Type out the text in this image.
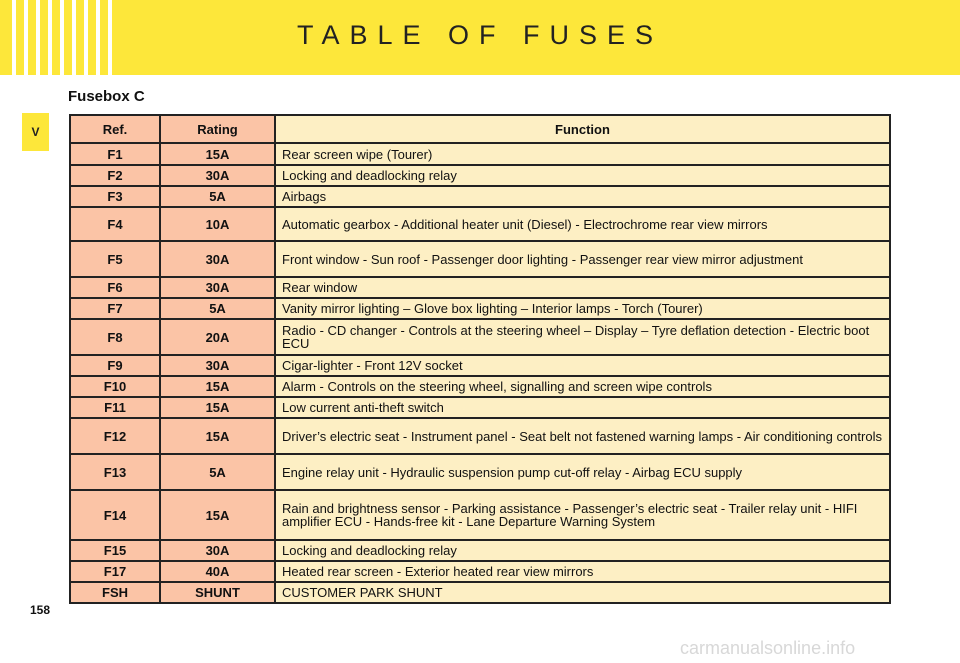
TABLE OF FUSES
V
Fusebox C
Ref.	Rating	Function
F1	15A	Rear screen wipe (Tourer)
F2	30A	Locking and deadlocking relay
F3	5A	Airbags
F4	10A	Automatic gearbox - Additional heater unit (Diesel) - Electrochrome rear view mirrors
F5	30A	Front window - Sun roof - Passenger door lighting - Passenger rear view mirror adjustment
F6	30A	Rear window
F7	5A	Vanity mirror lighting – Glove box lighting – Interior lamps - Torch (Tourer)
F8	20A	Radio - CD changer - Controls at the steering wheel – Display – Tyre deflation detection - Electric boot ECU
F9	30A	Cigar-lighter - Front 12V socket
F10	15A	Alarm - Controls on the steering wheel, signalling and screen wipe controls
F11	15A	Low current anti-theft switch
F12	15A	Driver’s electric seat - Instrument panel - Seat belt not fastened warning lamps - Air conditioning controls
F13	5A	Engine relay unit - Hydraulic suspension pump cut-off relay - Airbag ECU supply
F14	15A	Rain and brightness sensor - Parking assistance - Passenger’s electric seat - Trailer relay unit - HIFI amplifier ECU - Hands-free kit - Lane Departure Warning System
F15	30A	Locking and deadlocking relay
F17	40A	Heated rear screen - Exterior heated rear view mirrors
FSH	SHUNT	CUSTOMER PARK SHUNT
158
carmanualsonline.info
